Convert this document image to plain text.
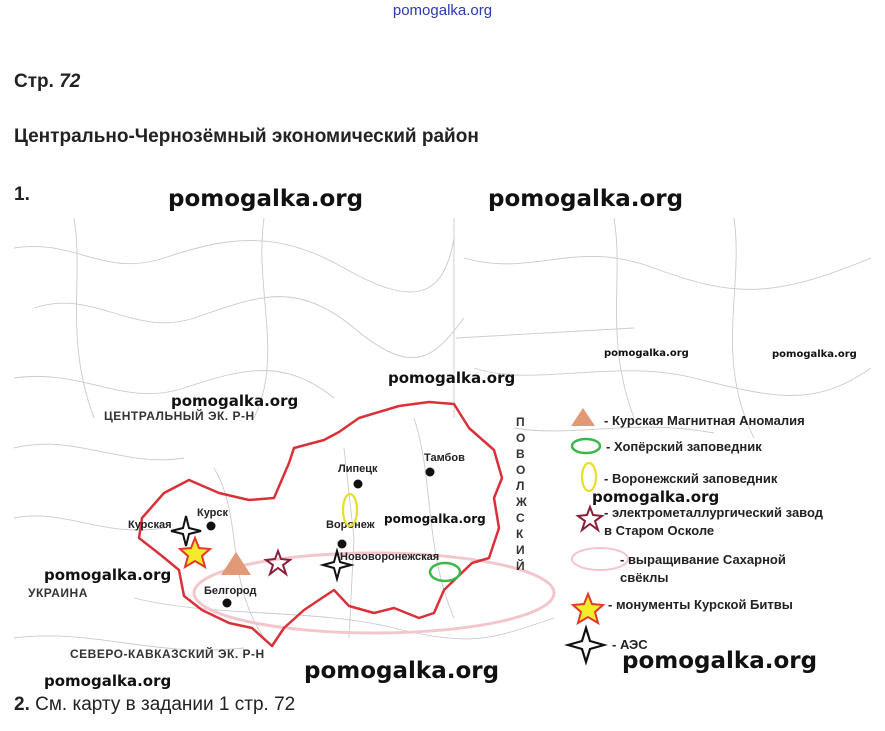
pomogalka.org
Стр. 72
Центрально-Чернозёмный экономический район
1.
ЦЕНТРАЛЬНЫЙ ЭК. Р-Н
УКРАИНА
СЕВЕРО-КАВКАЗСКИЙ ЭК. Р-Н
П
О
В
О
Л
Ж
С
К
И
Й
Липецк
Тамбов
Воронеж
Курск
Белгород
Курская
Нововоронежская
- Курская Магнитная Аномалия
- Хопёрский заповедник
- Воронежский заповедник
- электрометаллургический завод
в Старом Осколе
- выращивание Сахарной
свёклы
- монументы Курской Битвы
- АЭС
pomogalka.org	pomogalka.org
pomogalka.org	pomogalka.org
pomogalka.org
pomogalka.org
pomogalka.org
pomogalka.org
pomogalka.org
pomogalka.org	pomogalka.org
pomogalka.org
2. См. карту в задании 1 стр. 72
